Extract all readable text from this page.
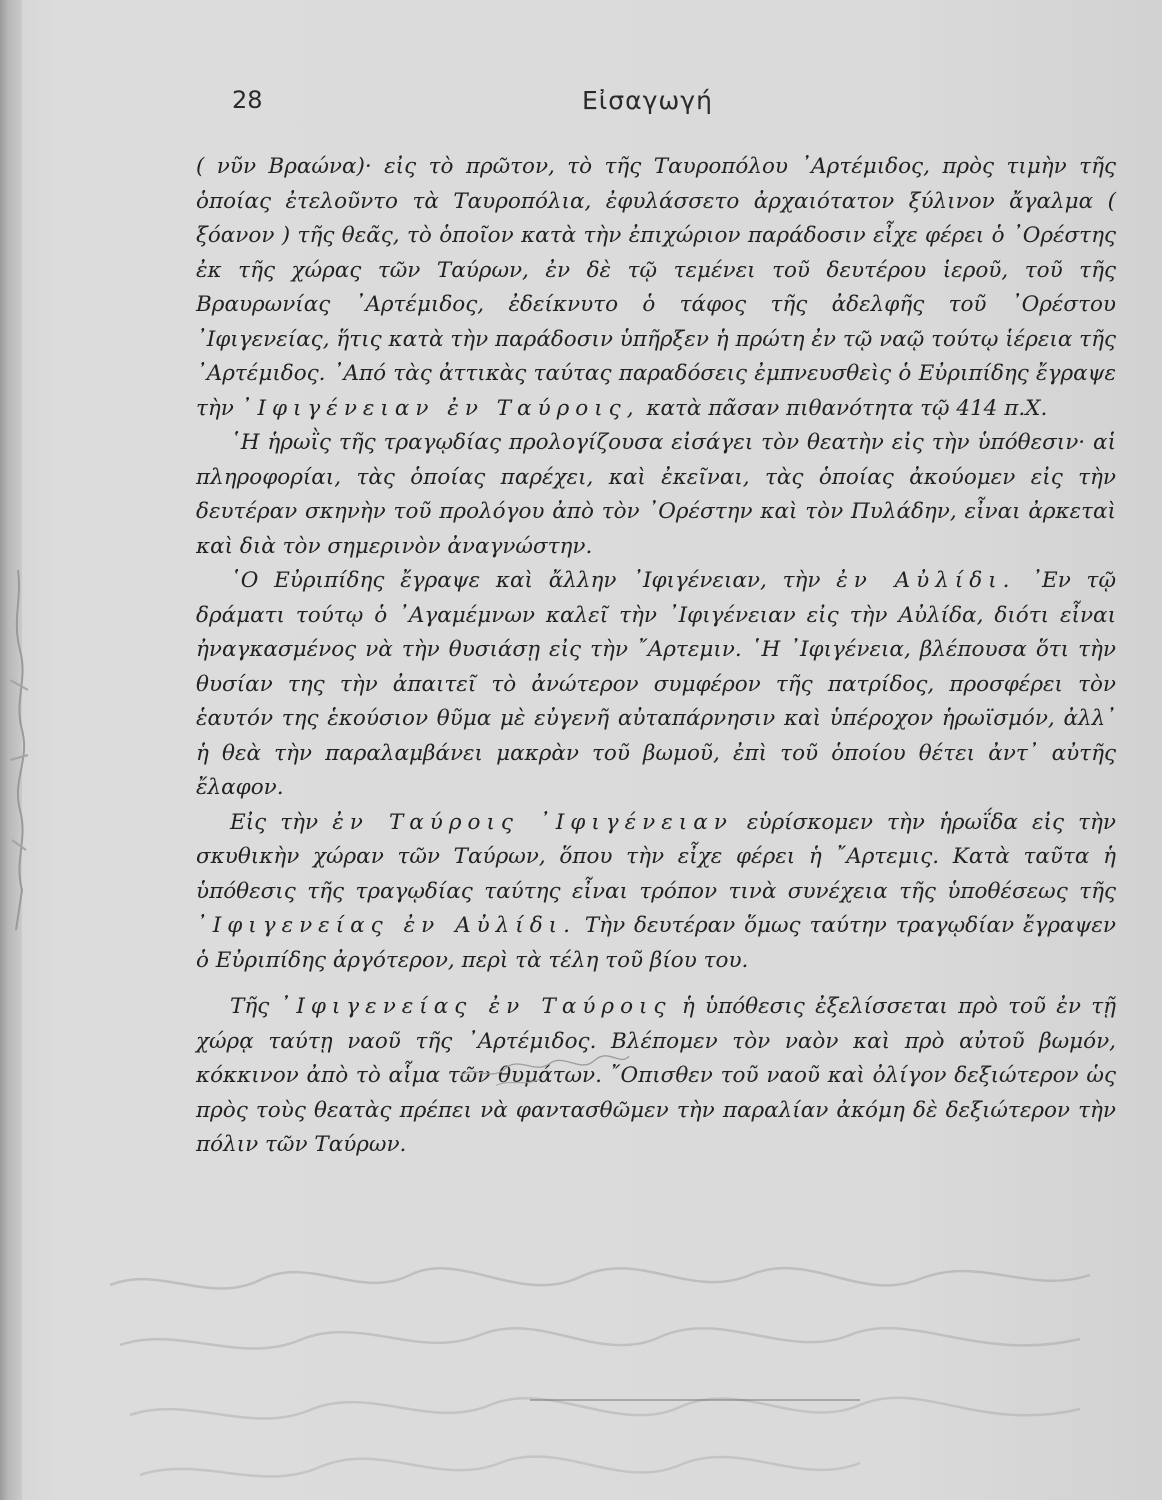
28	Εἰσαγωγή

( νῦν Βραώνα)· εἰς τὸ πρῶτον, τὸ τῆς Ταυροπόλου ᾿Αρτέμιδος, πρὸς τιμὴν τῆς ὁποίας ἐτελοῦντο τὰ Ταυροπόλια, ἐφυλάσσετο ἀρχαιότατον ξύλινον ἄγαλμα ( ξόανον ) τῆς θεᾶς, τὸ ὁποῖον κατὰ τὴν ἐπιχώριον παράδοσιν εἶχε φέρει ὁ ᾿Ορέστης ἐκ τῆς χώρας τῶν Ταύρων, ἐν δὲ τῷ τεμένει τοῦ δευτέρου ἱεροῦ, τοῦ τῆς Βραυρωνίας ᾿Αρτέμιδος, ἐδείκνυτο ὁ τάφος τῆς ἀδελφῆς τοῦ ᾿Ορέστου ᾿Ιφιγενείας, ἥτις κατὰ τὴν παράδοσιν ὑπῆρξεν ἡ πρώτη ἐν τῷ ναῷ τούτῳ ἱέρεια τῆς ᾿Αρτέμιδος. ᾿Από τὰς ἀττικὰς ταύτας παραδόσεις ἐμπνευσθεὶς ὁ Εὐριπίδης ἔγραψε τὴν ᾿Ιφιγένειαν ἐν Ταύροις, κατὰ πᾶσαν πιθανότητα τῷ 414 π.Χ.

῾Η ἡρωῒς τῆς τραγῳδίας προλογίζουσα εἰσάγει τὸν θεατὴν εἰς τὴν ὑπόθεσιν· αἱ πληροφορίαι, τὰς ὁποίας παρέχει, καὶ ἐκεῖναι, τὰς ὁποίας ἀκούομεν εἰς τὴν δευτέραν σκηνὴν τοῦ προλόγου ἀπὸ τὸν ᾿Ορέστην καὶ τὸν Πυλάδην, εἶναι ἀρκεταὶ καὶ διὰ τὸν σημερινὸν ἀναγνώστην.

῾Ο Εὐριπίδης ἔγραψε καὶ ἄλλην ᾿Ιφιγένειαν, τὴν ἐν Αὐλίδι. ᾿Εν τῷ δράματι τούτῳ ὁ ᾿Αγαμέμνων καλεῖ τὴν ᾿Ιφιγένειαν εἰς τὴν Αὐλίδα, διότι εἶναι ἠναγκασμένος νὰ τὴν θυσιάσῃ εἰς τὴν ῎Αρτεμιν. ῾Η ᾿Ιφιγένεια, βλέπουσα ὅτι τὴν θυσίαν της τὴν ἀπαιτεῖ τὸ ἀνώτερον συμφέρον τῆς πατρίδος, προσφέρει τὸν ἑαυτόν της ἑκούσιον θῦμα μὲ εὐγενῆ αὐταπάρνησιν καὶ ὑπέροχον ἡρωϊσμόν, ἀλλ᾿ ἡ θεὰ τὴν παραλαμβάνει μακρὰν τοῦ βωμοῦ, ἐπὶ τοῦ ὁποίου θέτει ἀντ᾿ αὐτῆς ἔλαφον.

Εἰς τὴν ἐν Ταύροις ᾿Ιφιγένειαν εὑρίσκομεν τὴν ἡρωΐδα εἰς τὴν σκυθικὴν χώραν τῶν Ταύρων, ὅπου τὴν εἶχε φέρει ἡ ῎Αρτεμις. Κατὰ ταῦτα ἡ ὑπόθεσις τῆς τραγῳδίας ταύτης εἶναι τρόπον τινὰ συνέχεια τῆς ὑποθέσεως τῆς ᾿Ιφιγενείας ἐν Αὐλίδι. Τὴν δευτέραν ὅμως ταύτην τραγῳδίαν ἔγραψεν ὁ Εὐριπίδης ἀργότερον, περὶ τὰ τέλη τοῦ βίου του.

Τῆς ᾿Ιφιγενείας ἐν Ταύροις ἡ ὑπόθεσις ἐξελίσσεται πρὸ τοῦ ἐν τῇ χώρᾳ ταύτῃ ναοῦ τῆς ᾿Αρτέμιδος. Βλέπομεν τὸν ναὸν καὶ πρὸ αὐτοῦ βωμόν, κόκκινον ἀπὸ τὸ αἷμα τῶν θυμάτων. ῎Οπισθεν τοῦ ναοῦ καὶ ὀλίγον δεξιώτερον ὡς πρὸς τοὺς θεατὰς πρέπει νὰ φαντασθῶμεν τὴν παραλίαν ἀκόμη δὲ δεξιώτερον τὴν πόλιν τῶν Ταύρων.
